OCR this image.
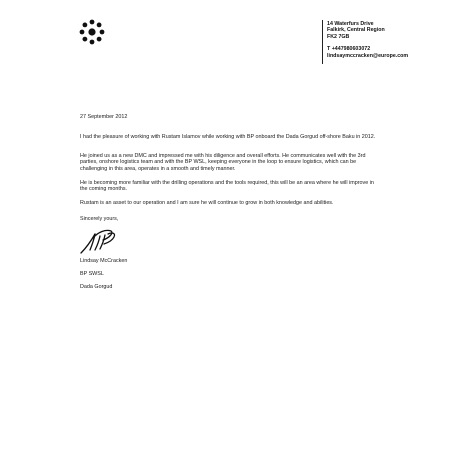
14 Waterfurs Drive
Falkirk, Central Region
FK2 7GB
T +447980603072
lindsaymccracken@europe.com
27 September 2012
I had the pleasure of working with Rustam Islamov while working with BP onboard the Dada Gorgud off-shore Baku in 2012.
He joined us as a new DMC and impressed me with his diligence and overall efforts. He communicates well with the 3rd parties, onshore logistics team and with the BP WSL, keeping everyone in the loop to ensure logistics, which can be challenging in this area, operates in a smooth and timely manner.
He is becoming more familiar with the drilling operations and the tools required, this will be an area where he will improve in the coming months.
Rustam is an asset to our operation and I am sure he will continue to grow in both knowledge and abilities.
Sincerely yours,
Lindsay McCracken
BP SWSL
Dada Gorgud
